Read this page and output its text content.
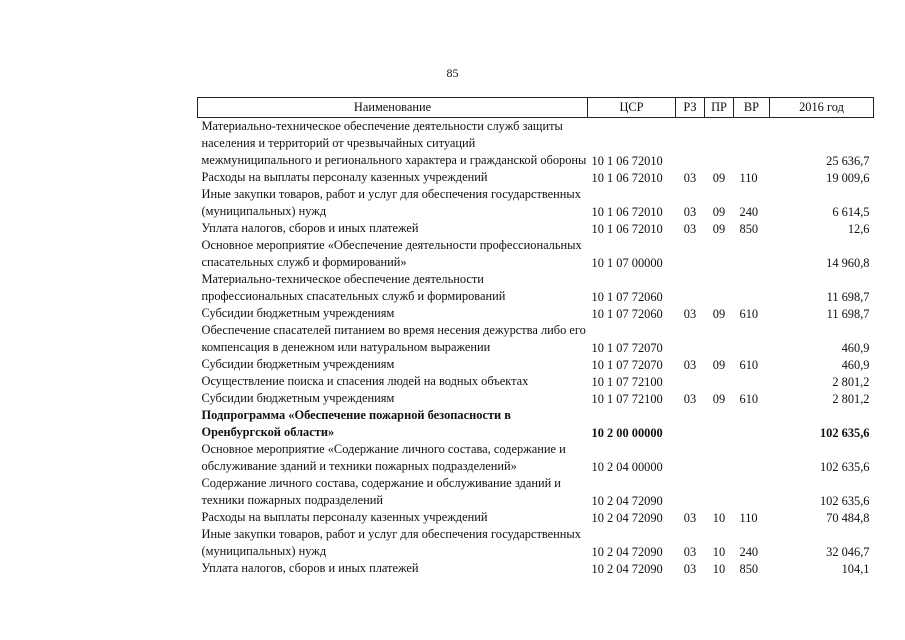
85
Наименование	ЦСР	РЗ	ПР	ВР	2016 год
Материально-техническое обеспечение деятельности служб защиты населения и территорий от чрезвычайных ситуаций межмуниципального и регионального характера и гражданской обороны	10 1 06 72010				25 636,7
Расходы на выплаты персоналу казенных учреждений	10 1 06 72010	03	09	110	19 009,6
Иные закупки товаров, работ и услуг для обеспечения государственных (муниципальных) нужд	10 1 06 72010	03	09	240	6 614,5
Уплата налогов, сборов и иных платежей	10 1 06 72010	03	09	850	12,6
Основное мероприятие «Обеспечение деятельности профессиональных спасательных служб и формирований»	10 1 07 00000				14 960,8
Материально-техническое обеспечение деятельности профессиональных спасательных служб и формирований	10 1 07 72060				11 698,7
Субсидии бюджетным учреждениям	10 1 07 72060	03	09	610	11 698,7
Обеспечение спасателей питанием во время несения дежурства либо его компенсация в денежном или натуральном выражении	10 1 07 72070				460,9
Субсидии бюджетным учреждениям	10 1 07 72070	03	09	610	460,9
Осуществление поиска и спасения людей на водных объектах	10 1 07 72100				2 801,2
Субсидии бюджетным учреждениям	10 1 07 72100	03	09	610	2 801,2
Подпрограмма «Обеспечение пожарной безопасности в Оренбургской области»	10 2 00 00000				102 635,6
Основное мероприятие «Содержание личного состава, содержание и обслуживание зданий и техники пожарных подразделений»	10 2 04 00000				102 635,6
Содержание личного состава, содержание и обслуживание зданий и техники пожарных подразделений	10 2 04 72090				102 635,6
Расходы на выплаты персоналу казенных учреждений	10 2 04 72090	03	10	110	70 484,8
Иные закупки товаров, работ и услуг для обеспечения государственных (муниципальных) нужд	10 2 04 72090	03	10	240	32 046,7
Уплата налогов, сборов и иных платежей	10 2 04 72090	03	10	850	104,1
